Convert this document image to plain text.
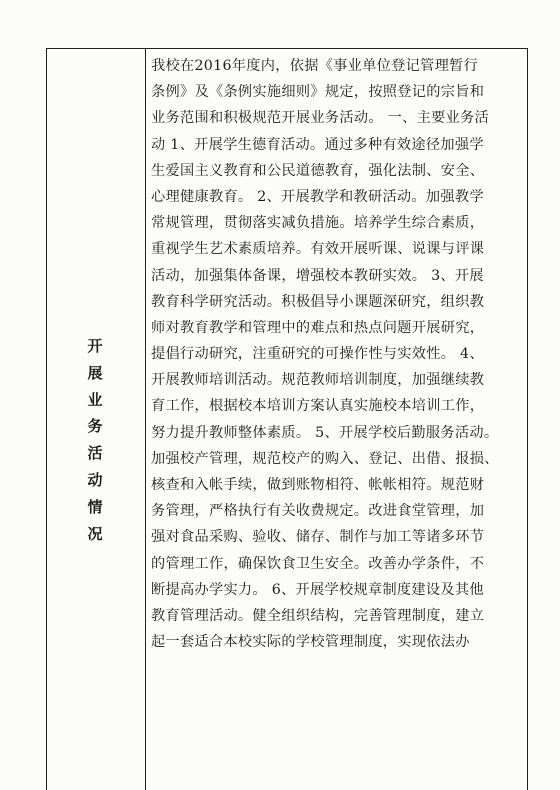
开
展
业
务
活
动
情
况
我校在2016年度内，依据《事业单位登记管理暂行
条例》及《条例实施细则》规定，按照登记的宗旨和
业务范围和积极规范开展业务活动。 一、主要业务活
动 1、开展学生德育活动。通过多种有效途径加强学
生爱国主义教育和公民道德教育，强化法制、安全、
心理健康教育。 2、开展教学和教研活动。加强教学
常规管理，贯彻落实减负措施。培养学生综合素质，
重视学生艺术素质培养。有效开展听课、说课与评课
活动，加强集体备课，增强校本教研实效。 3、开展
教育科学研究活动。积极倡导小课题深研究，组织教
师对教育教学和管理中的难点和热点问题开展研究，
提倡行动研究，注重研究的可操作性与实效性。 4、
开展教师培训活动。规范教师培训制度，加强继续教
育工作，根据校本培训方案认真实施校本培训工作，
努力提升教师整体素质。 5、开展学校后勤服务活动。
加强校产管理，规范校产的购入、登记、出借、报损、
核查和入帐手续，做到账物相符、帐帐相符。规范财
务管理，严格执行有关收费规定。改进食堂管理，加
强对食品采购、验收、储存、制作与加工等诸多环节
的管理工作，确保饮食卫生安全。改善办学条件，不
断提高办学实力。 6、开展学校规章制度建设及其他
教育管理活动。健全组织结构，完善管理制度，建立
起一套适合本校实际的学校管理制度，实现依法办
